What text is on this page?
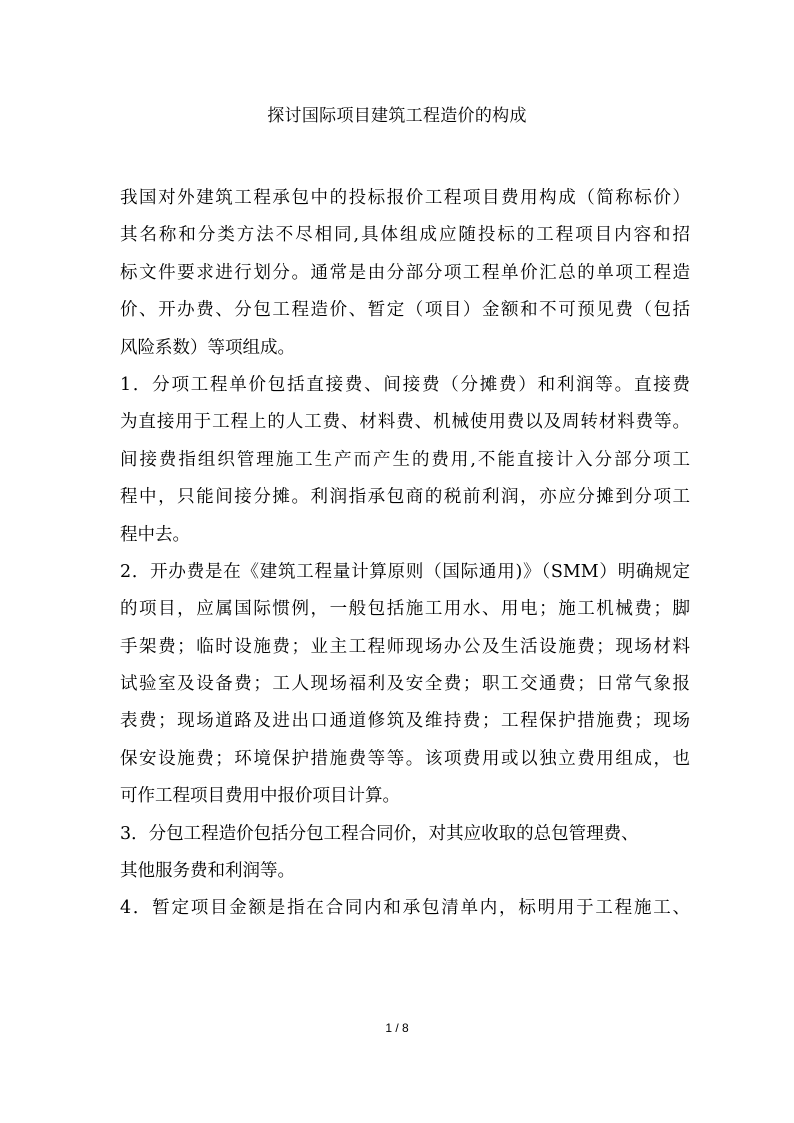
探讨国际项目建筑工程造价的构成
我国对外建筑工程承包中的投标报价工程项目费用构成（简称标价）
其名称和分类方法不尽相同,具体组成应随投标的工程项目内容和招
标文件要求进行划分。通常是由分部分项工程单价汇总的单项工程造
价、开办费、分包工程造价、暂定（项目）金额和不可预见费（包括
风险系数）等项组成。
1．分项工程单价包括直接费、间接费（分摊费）和利润等。直接费
为直接用于工程上的人工费、材料费、机械使用费以及周转材料费等。
间接费指组织管理施工生产而产生的费用,不能直接计入分部分项工
程中，只能间接分摊。利润指承包商的税前利润，亦应分摊到分项工
程中去。
2．开办费是在《建筑工程量计算原则（国际通用)》（SMM）明确规定
的项目，应属国际惯例，一般包括施工用水、用电；施工机械费；脚
手架费；临时设施费；业主工程师现场办公及生活设施费；现场材料
试验室及设备费；工人现场福利及安全费；职工交通费；日常气象报
表费；现场道路及进出口通道修筑及维持费；工程保护措施费；现场
保安设施费；环境保护措施费等等。该项费用或以独立费用组成，也
可作工程项目费用中报价项目计算。
3．分包工程造价包括分包工程合同价，对其应收取的总包管理费、
其他服务费和利润等。
4．暂定项目金额是指在合同内和承包清单内，标明用于工程施工、
1 / 8
